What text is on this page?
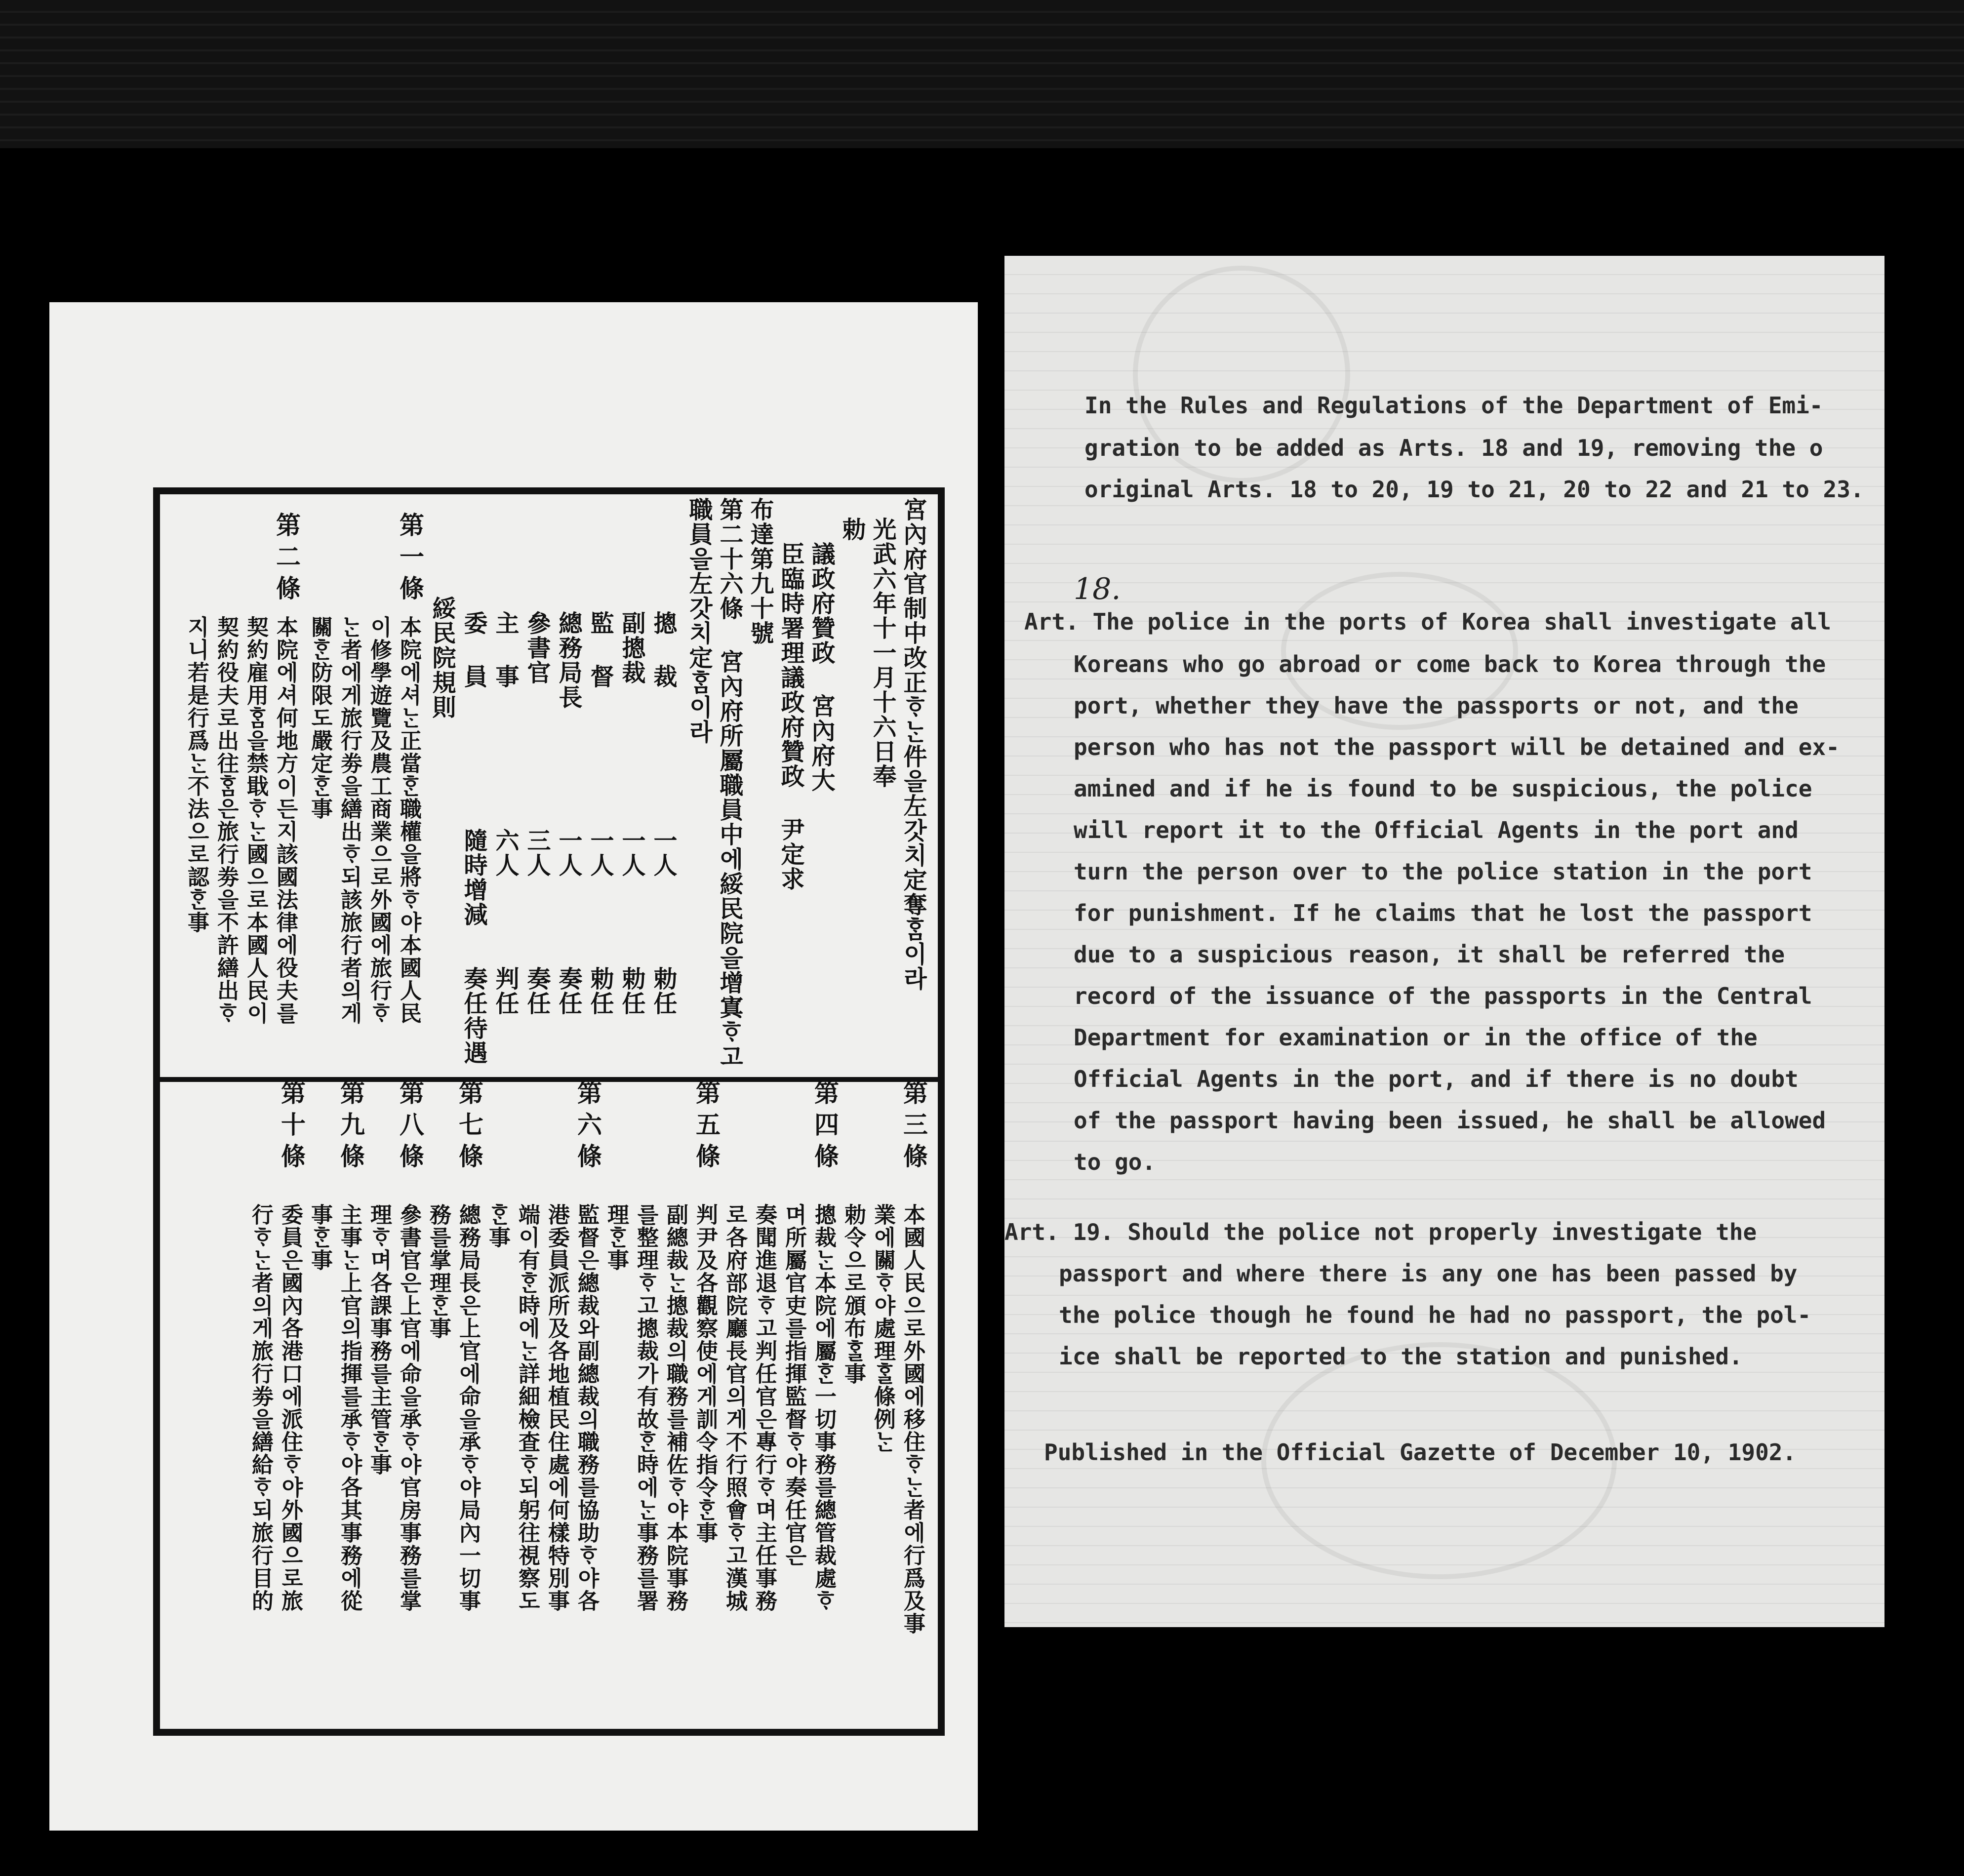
宮內府官制中改正ᄒᆞᄂᆞᆫ件을左갓치定奪ᄒᆞᆷ이라
光武六年十一月十六日奉
勅
議政府贊政 宮內府大
臣臨時署理議政府贊政 尹定求
布達第九十號
第二十六條 宮內府所屬職員中에綏民院을增寘ᄒᆞ고
職員을左갓치定ᄒᆞᆷ이라
摠 裁
一人
勅任
副摠裁
一人
勅任
監 督
一人
勅任
總務局長
一人
奏任
參書官
三人
奏任
主 事
六人
判任
委 員
隨時增減
奏任待遇
綏民院規則
第一條
本院에셔ᄂᆞᆫ正當ᄒᆞᆫ職權을將ᄒᆞ야本國人民
이修學遊覽及農工商業으로外國에旅行ᄒᆞ
ᄂᆞᆫ者에게旅行劵을繕出ᄒᆞ되該旅行者의게
關ᄒᆞᆫ防限도嚴定ᄒᆞᆫ事
第二條
本院에셔何地方이든지該國法律에役夫를
契約雇用ᄒᆞᆷ을禁戢ᄒᆞᄂᆞᆫ國으로本國人民이
契約役夫로出往ᄒᆞᆷ은旅行劵을不許繕出ᄒᆞ
지니若是行爲ᄂᆞᆫ不法으로認ᄒᆞᆫ事
第三條
本國人民으로外國에移住ᄒᆞᄂᆞᆫ者에行爲及事
業에關ᄒᆞ야處理ᄒᆞᆯ條例ᄂᆞᆫ
勅令으로頒布ᄒᆞᆯ事
第四條
摠裁ᄂᆞᆫ本院에屬ᄒᆞᆫ一切事務를總管裁處ᄒᆞ
며所屬官吏를指揮監督ᄒᆞ야奏任官은
奏聞進退ᄒᆞ고判任官은專行ᄒᆞ며主任事務
로各府部院廳長官의게不行照會ᄒᆞ고漢城
第五條
判尹及各觀察使에게訓令指令ᄒᆞᆫ事
副總裁ᄂᆞᆫ摠裁의職務를補佐ᄒᆞ야本院事務
를整理ᄒᆞ고摠裁가有故ᄒᆞᆫ時에ᄂᆞᆫ事務를署
理ᄒᆞᆫ事
第六條
監督은總裁와副總裁의職務를協助ᄒᆞ야各
港委員派所及各地植民住處에何樣特別事
端이有ᄒᆞᆫ時에ᄂᆞᆫ詳細檢査ᄒᆞ되躬往視察도
ᄒᆞᆫ事
第七條
總務局長은上官에命을承ᄒᆞ야局內一切事
務를掌理ᄒᆞᆫ事
第八條
參書官은上官에命을承ᄒᆞ야官房事務를掌
理ᄒᆞ며各課事務를主管ᄒᆞᆫ事
第九條
主事ᄂᆞᆫ上官의指揮를承ᄒᆞ야各其事務에從
事ᄒᆞᆫ事
第十條
委員은國內各港口에派住ᄒᆞ야外國으로旅
行ᄒᆞᄂᆞᆫ者의게旅行劵을繕給ᄒᆞ되旅行目的
In the Rules and Regulations of the Department of Emi-
gration to be added as Arts. 18 and 19, removing the o
original Arts. 18 to 20, 19 to 21, 20 to 22 and 21 to 23.
18.
Art. The police in the ports of Korea shall investigate all
Koreans who go abroad or come back to Korea through the
port, whether they have the passports or not, and the
person who has not the passport will be detained and ex-
amined and if he is found to be suspicious, the police
will report it to the Official Agents in the port and
turn the person over to the police station in the port
for punishment. If he claims that he lost the passport
due to a suspicious reason, it shall be referred the
record of the issuance of the passports in the Central
Department for examination or in the office of the
Official Agents in the port, and if there is no doubt
of the passport having been issued, he shall be allowed
to go.
Art. 19. Should the police not properly investigate the
passport and where there is any one has been passed by
the police though he found he had no passport, the pol-
ice shall be reported to the station and punished.
Published in the Official Gazette of December 10, 1902.
